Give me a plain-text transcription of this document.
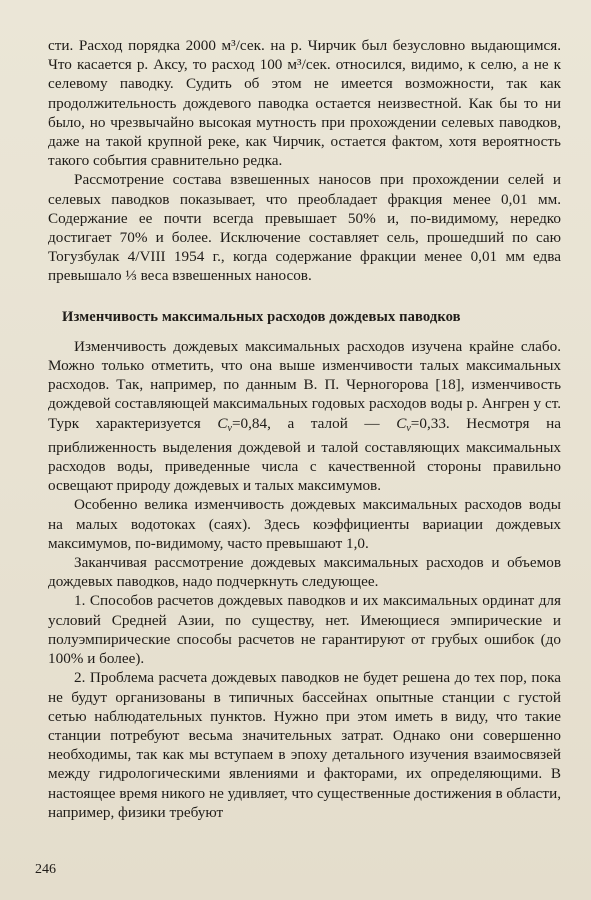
сти. Расход порядка 2000 м³/сек. на р. Чирчик был безусловно выдающимся. Что касается р. Аксу, то расход 100 м³/сек. относился, видимо, к селю, а не к селевому паводку. Судить об этом не имеется возможности, так как продолжительность дождевого паводка остается неизвестной. Как бы то ни было, но чрезвычайно высокая мутность при прохождении селевых паводков, даже на такой крупной реке, как Чирчик, остается фактом, хотя вероятность такого события сравнительно редка.

Рассмотрение состава взвешенных наносов при прохождении селей и селевых паводков показывает, что преобладает фракция менее 0,01 мм. Содержание ее почти всегда превышает 50% и, по-видимому, нередко достигает 70% и более. Исключение составляет сель, прошедший по саю Тогузбулак 4/VIII 1954 г., когда содержание фракции менее 0,01 мм едва превышало ⅓ веса взвешенных наносов.

Изменчивость максимальных расходов дождевых паводков

Изменчивость дождевых максимальных расходов изучена крайне слабо. Можно только отметить, что она выше изменчивости талых максимальных расходов. Так, например, по данным В. П. Черногорова [18], изменчивость дождевой составляющей максимальных годовых расходов воды р. Ангрен у ст. Турк характеризуется $C_v=0,84$, а талой — $C_v=0,33$. Несмотря на приближенность выделения дождевой и талой составляющих максимальных расходов воды, приведенные числа с качественной стороны правильно освещают природу дождевых и талых максимумов.

Особенно велика изменчивость дождевых максимальных расходов воды на малых водотоках (саях). Здесь коэффициенты вариации дождевых максимумов, по-видимому, часто превышают 1,0.

Заканчивая рассмотрение дождевых максимальных расходов и объемов дождевых паводков, надо подчеркнуть следующее.

1. Способов расчетов дождевых паводков и их максимальных ординат для условий Средней Азии, по существу, нет. Имеющиеся эмпирические и полуэмпирические способы расчетов не гарантируют от грубых ошибок (до 100% и более).

2. Проблема расчета дождевых паводков не будет решена до тех пор, пока не будут организованы в типичных бассейнах опытные станции с густой сетью наблюдательных пунктов. Нужно при этом иметь в виду, что такие станции потребуют весьма значительных затрат. Однако они совершенно необходимы, так как мы вступаем в эпоху детального изучения взаимосвязей между гидрологическими явлениями и факторами, их определяющими. В настоящее время никого не удивляет, что существенные достижения в области, например, физики требуют

246
